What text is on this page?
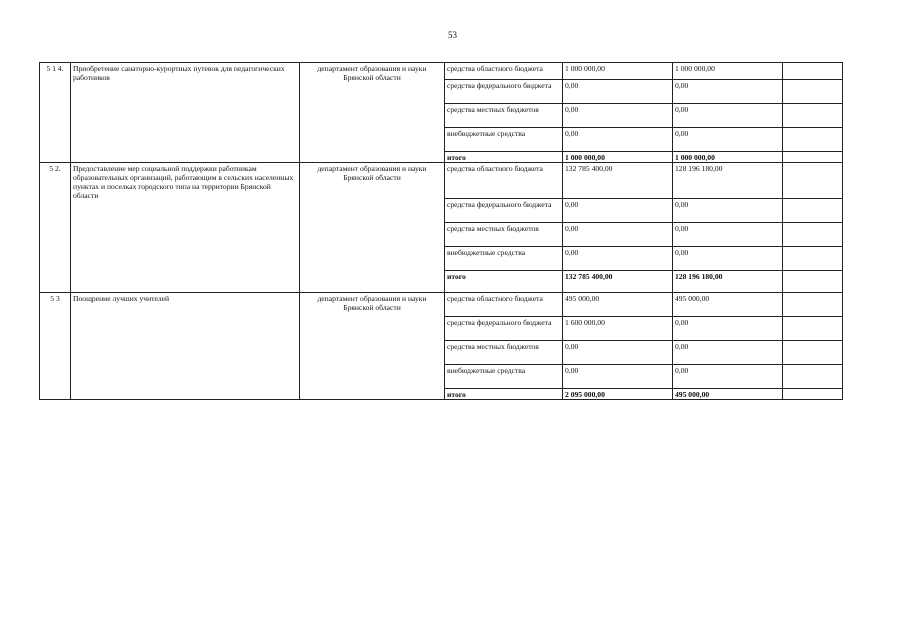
53
5 1 4.	Приобретение санаторно-курортных путевок для педагогических работников	департамент образования и науки Брянской области	средства областного бюджета	1 000 000,00	1 000 000,00	
			средства федерального бюджета	0,00	0,00	
			средства местных бюджетов	0,00	0,00	
			внебюджетные средства	0,00	0,00	
			итого	1 000 000,00	1 000 000,00	
5 2.	Предоставление мер социальной поддержки работникам образовательных организаций, работающим в сельских населенных пунктах и поселках городского типа на территории Брянской области	департамент образования и науки Брянской области	средства областного бюджета	132 785 400,00	128 196 180,00	
			средства федерального бюджета	0,00	0,00	
			средства местных бюджетов	0,00	0,00	
			внебюджетные средства	0,00	0,00	
			итого	132 785 400,00	128 196 180,00	
5 3	Поощрение лучших учителей	департамент образования и науки Брянской области	средства областного бюджета	495 000,00	495 000,00	
			средства федерального бюджета	1 600 000,00	0,00	
			средства местных бюджетов	0,00	0,00	
			внебюджетные средства	0,00	0,00	
			итого	2 095 000,00	495 000,00	
